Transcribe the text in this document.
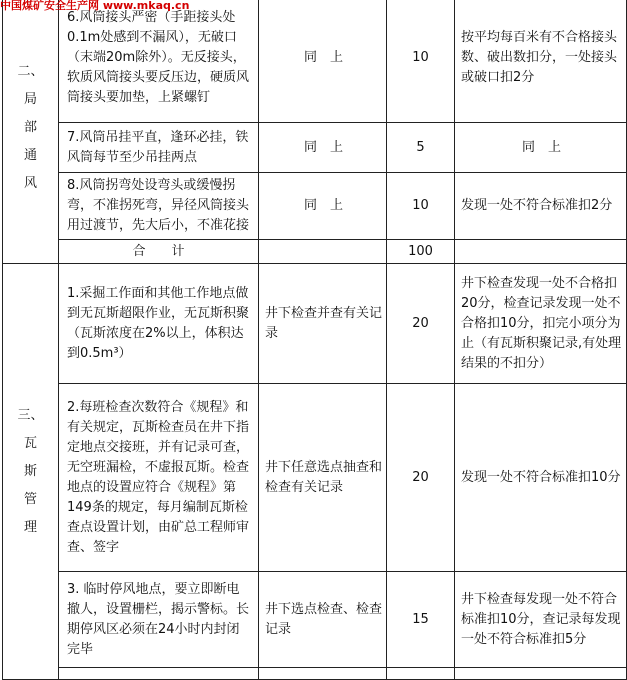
中国煤矿安全生产网 www.mkaq.cn
二、
局
部
通
风	6.风筒接头严密（手距接头处0.1m处感到不漏风），无破口（末端20m除外）。无反接头，软质风筒接头要反压边，硬质风筒接头要加垫，上紧螺钉	同　上	10	按平均每百米有不合格接头数、破出数扣分，一处接头或破口扣2分
	7.风筒吊挂平直，逢环必挂，铁风筒每节至少吊挂两点	同　上	5	同　上
	8.风筒拐弯处设弯头或缓慢拐弯，不准拐死弯，异径风筒接头用过渡节，先大后小，不准花接	同　上	10	发现一处不符合标准扣2分
	合　　计		100	

三、
瓦
斯
管
理	1.采掘工作面和其他工作地点做到无瓦斯超限作业，无瓦斯积聚（瓦斯浓度在2%以上，体积达到0.5m³）	井下检查并查有关记录	20	井下检查发现一处不合格扣20分，检查记录发现一处不合格扣10分，扣完小项分为止（有瓦斯积聚记录,有处理结果的不扣分）
	2.每班检查次数符合《规程》和有关规定，瓦斯检查员在井下指定地点交接班，并有记录可查，无空班漏检，不虚报瓦斯。检查地点的设置应符合《规程》第149条的规定，每月编制瓦斯检查点设置计划，由矿总工程师审查、签字	井下任意选点抽查和检查有关记录	20	发现一处不符合标准扣10分
	3. 临时停风地点，要立即断电撤人，设置栅栏，揭示警标。长期停风区必须在24小时内封闭完毕	井下选点检查、检查记录	15	井下检查每发现一处不符合标准扣10分，查记录每发现一处不符合标准扣5分
